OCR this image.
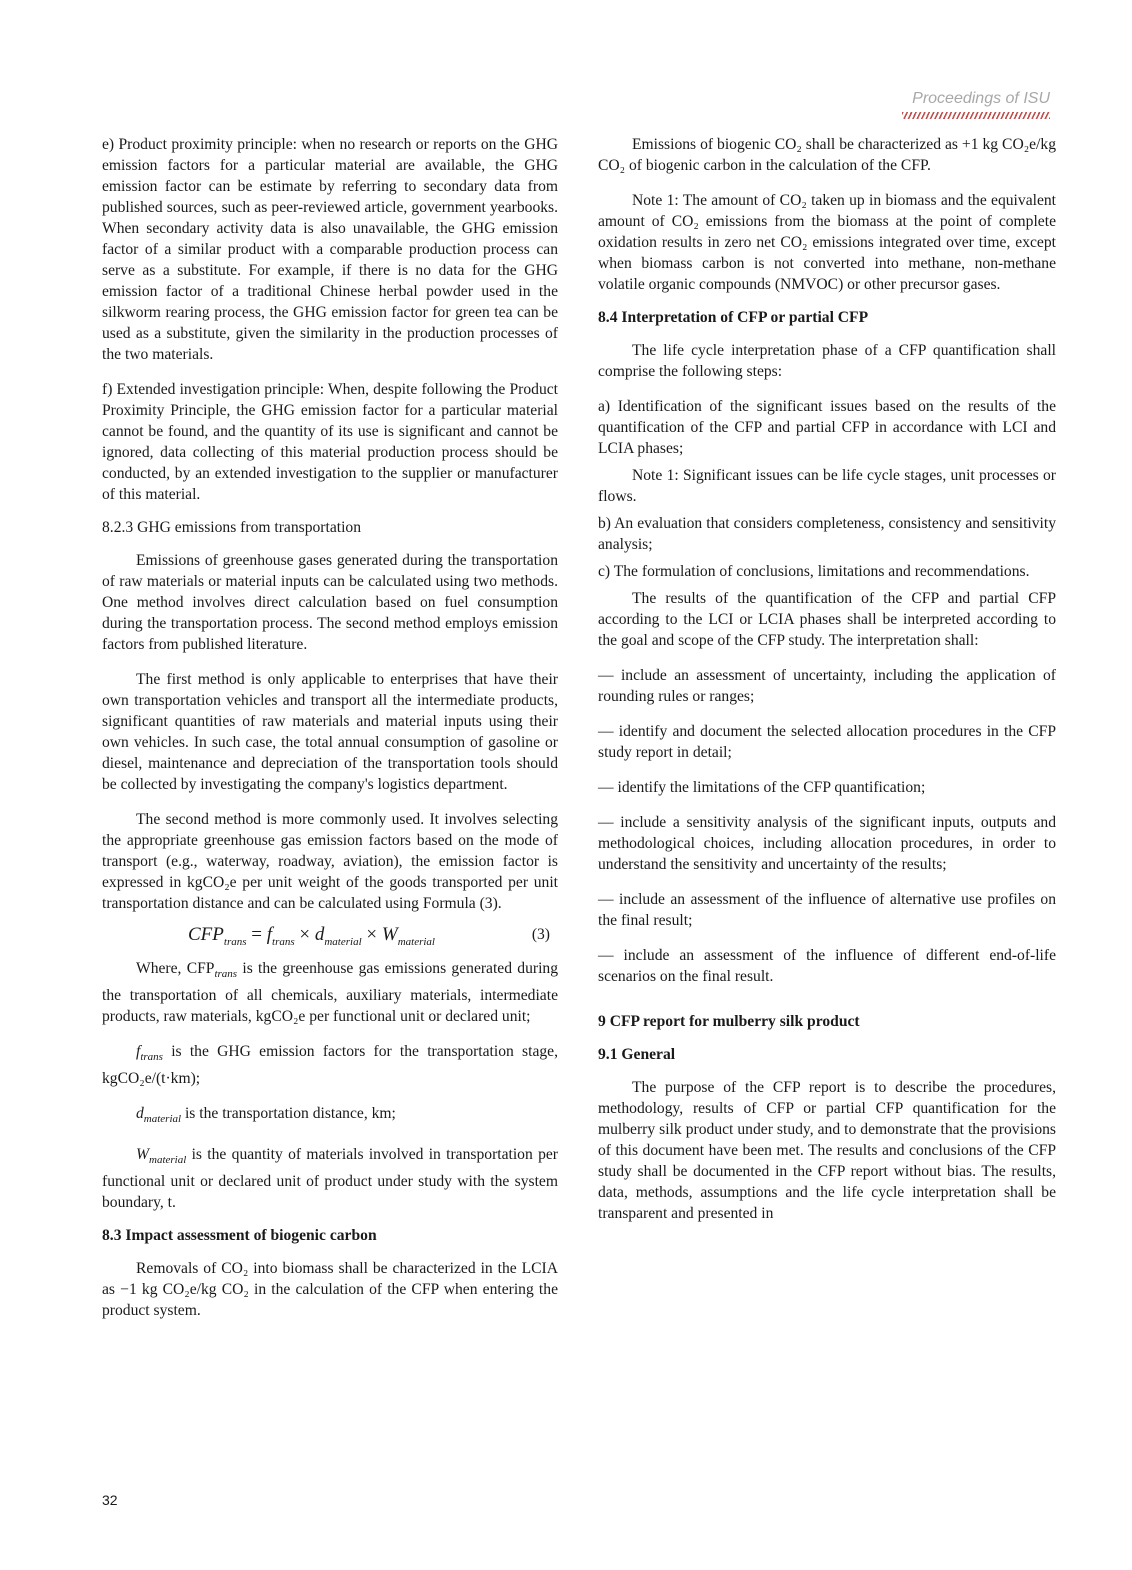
Proceedings of ISU

e) Product proximity principle: when no research or reports on the GHG emission factors for a particular material are available, the GHG emission factor can be estimate by referring to secondary data from published sources, such as peer-reviewed article, government yearbooks. When secondary activity data is also unavailable, the GHG emission factor of a similar product with a comparable production process can serve as a substitute. For example, if there is no data for the GHG emission factor of a traditional Chinese herbal powder used in the silkworm rearing process, the GHG emission factor for green tea can be used as a substitute, given the similarity in the production processes of the two materials.

f) Extended investigation principle: When, despite following the Product Proximity Principle, the GHG emission factor for a particular material cannot be found, and the quantity of its use is significant and cannot be ignored, data collecting of this material production process should be conducted, by an extended investigation to the supplier or manufacturer of this material.

8.2.3 GHG emissions from transportation

Emissions of greenhouse gases generated during the transportation of raw materials or material inputs can be calculated using two methods. One method involves direct calculation based on fuel consumption during the transportation process. The second method employs emission factors from published literature.

The first method is only applicable to enterprises that have their own transportation vehicles and transport all the intermediate products, significant quantities of raw materials and material inputs using their own vehicles. In such case, the total annual consumption of gasoline or diesel, maintenance and depreciation of the transportation tools should be collected by investigating the company's logistics department.

The second method is more commonly used. It involves selecting the appropriate greenhouse gas emission factors based on the mode of transport (e.g., waterway, roadway, aviation), the emission factor is expressed in kgCO₂e per unit weight of the goods transported per unit transportation distance and can be calculated using Formula (3).

$CFP_{trans} = f_{trans} \times d_{material} \times W_{material}$	(3)

Where, $CFP_{trans}$ is the greenhouse gas emissions generated during the transportation of all chemicals, auxiliary materials, intermediate products, raw materials, kgCO₂e per functional unit or declared unit;

$f_{trans}$ is the GHG emission factors for the transportation stage, kgCO₂e/(t·km);

$d_{material}$ is the transportation distance, km;

$W_{material}$ is the quantity of materials involved in transportation per functional unit or declared unit of product under study with the system boundary, t.

8.3 Impact assessment of biogenic carbon

Removals of CO₂ into biomass shall be characterized in the LCIA as −1 kg CO₂e/kg CO₂ in the calculation of the CFP when entering the product system.

Emissions of biogenic CO₂ shall be characterized as +1 kg CO₂e/kg CO₂ of biogenic carbon in the calculation of the CFP.

Note 1: The amount of CO₂ taken up in biomass and the equivalent amount of CO₂ emissions from the biomass at the point of complete oxidation results in zero net CO₂ emissions integrated over time, except when biomass carbon is not converted into methane, non-methane volatile organic compounds (NMVOC) or other precursor gases.

8.4 Interpretation of CFP or partial CFP

The life cycle interpretation phase of a CFP quantification shall comprise the following steps:

a) Identification of the significant issues based on the results of the quantification of the CFP and partial CFP in accordance with LCI and LCIA phases;

Note 1: Significant issues can be life cycle stages, unit processes or flows.

b) An evaluation that considers completeness, consistency and sensitivity analysis;

c) The formulation of conclusions, limitations and recommendations.

The results of the quantification of the CFP and partial CFP according to the LCI or LCIA phases shall be interpreted according to the goal and scope of the CFP study. The interpretation shall:

— include an assessment of uncertainty, including the application of rounding rules or ranges;

— identify and document the selected allocation procedures in the CFP study report in detail;

— identify the limitations of the CFP quantification;

— include a sensitivity analysis of the significant inputs, outputs and methodological choices, including allocation procedures, in order to understand the sensitivity and uncertainty of the results;

— include an assessment of the influence of alternative use profiles on the final result;

— include an assessment of the influence of different end-of-life scenarios on the final result.

9 CFP report for mulberry silk product
9.1 General

The purpose of the CFP report is to describe the procedures, methodology, results of CFP or partial CFP quantification for the mulberry silk product under study, and to demonstrate that the provisions of this document have been met. The results and conclusions of the CFP study shall be documented in the CFP report without bias. The results, data, methods, assumptions and the life cycle interpretation shall be transparent and presented in

32
